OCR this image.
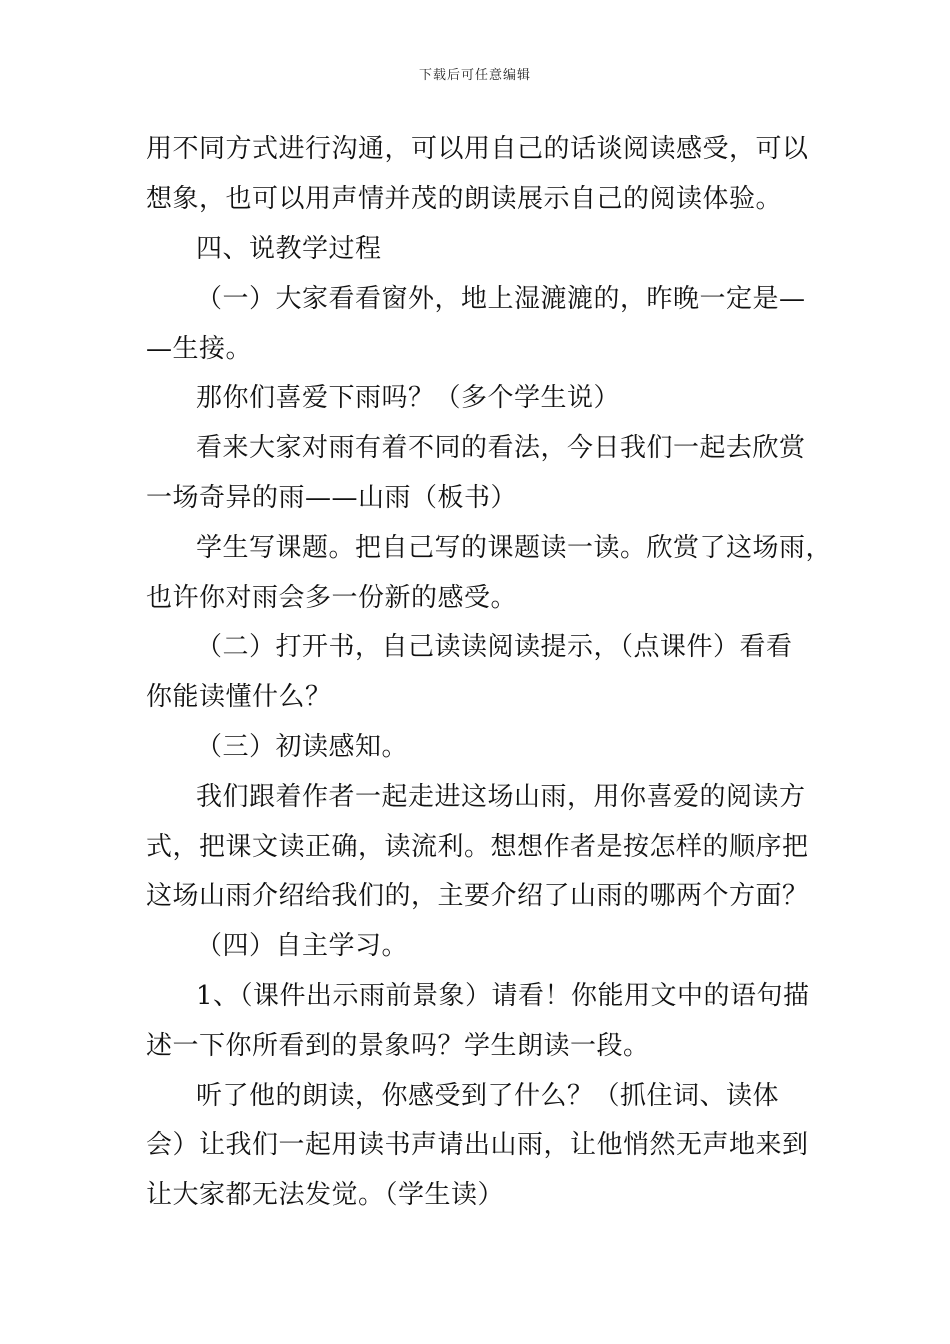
下载后可任意编辑
用不同方式进行沟通，可以用自己的话谈阅读感受，可以
想象，也可以用声情并茂的朗读展示自己的阅读体验。
四、说教学过程
（一）大家看看窗外，地上湿漉漉的，昨晚一定是—
—生接。
那你们喜爱下雨吗？（多个学生说）
看来大家对雨有着不同的看法，今日我们一起去欣赏
一场奇异的雨——山雨（板书）
学生写课题。把自己写的课题读一读。欣赏了这场雨，
也许你对雨会多一份新的感受。
（二）打开书，自己读读阅读提示，（点课件）看看
你能读懂什么？
（三）初读感知。
我们跟着作者一起走进这场山雨，用你喜爱的阅读方
式，把课文读正确，读流利。想想作者是按怎样的顺序把
这场山雨介绍给我们的，主要介绍了山雨的哪两个方面？
（四）自主学习。
1、（课件出示雨前景象）请看！你能用文中的语句描
述一下你所看到的景象吗？学生朗读一段。
听了他的朗读，你感受到了什么？（抓住词、读体
会）让我们一起用读书声请出山雨，让他悄然无声地来到
让大家都无法发觉。（学生读）
